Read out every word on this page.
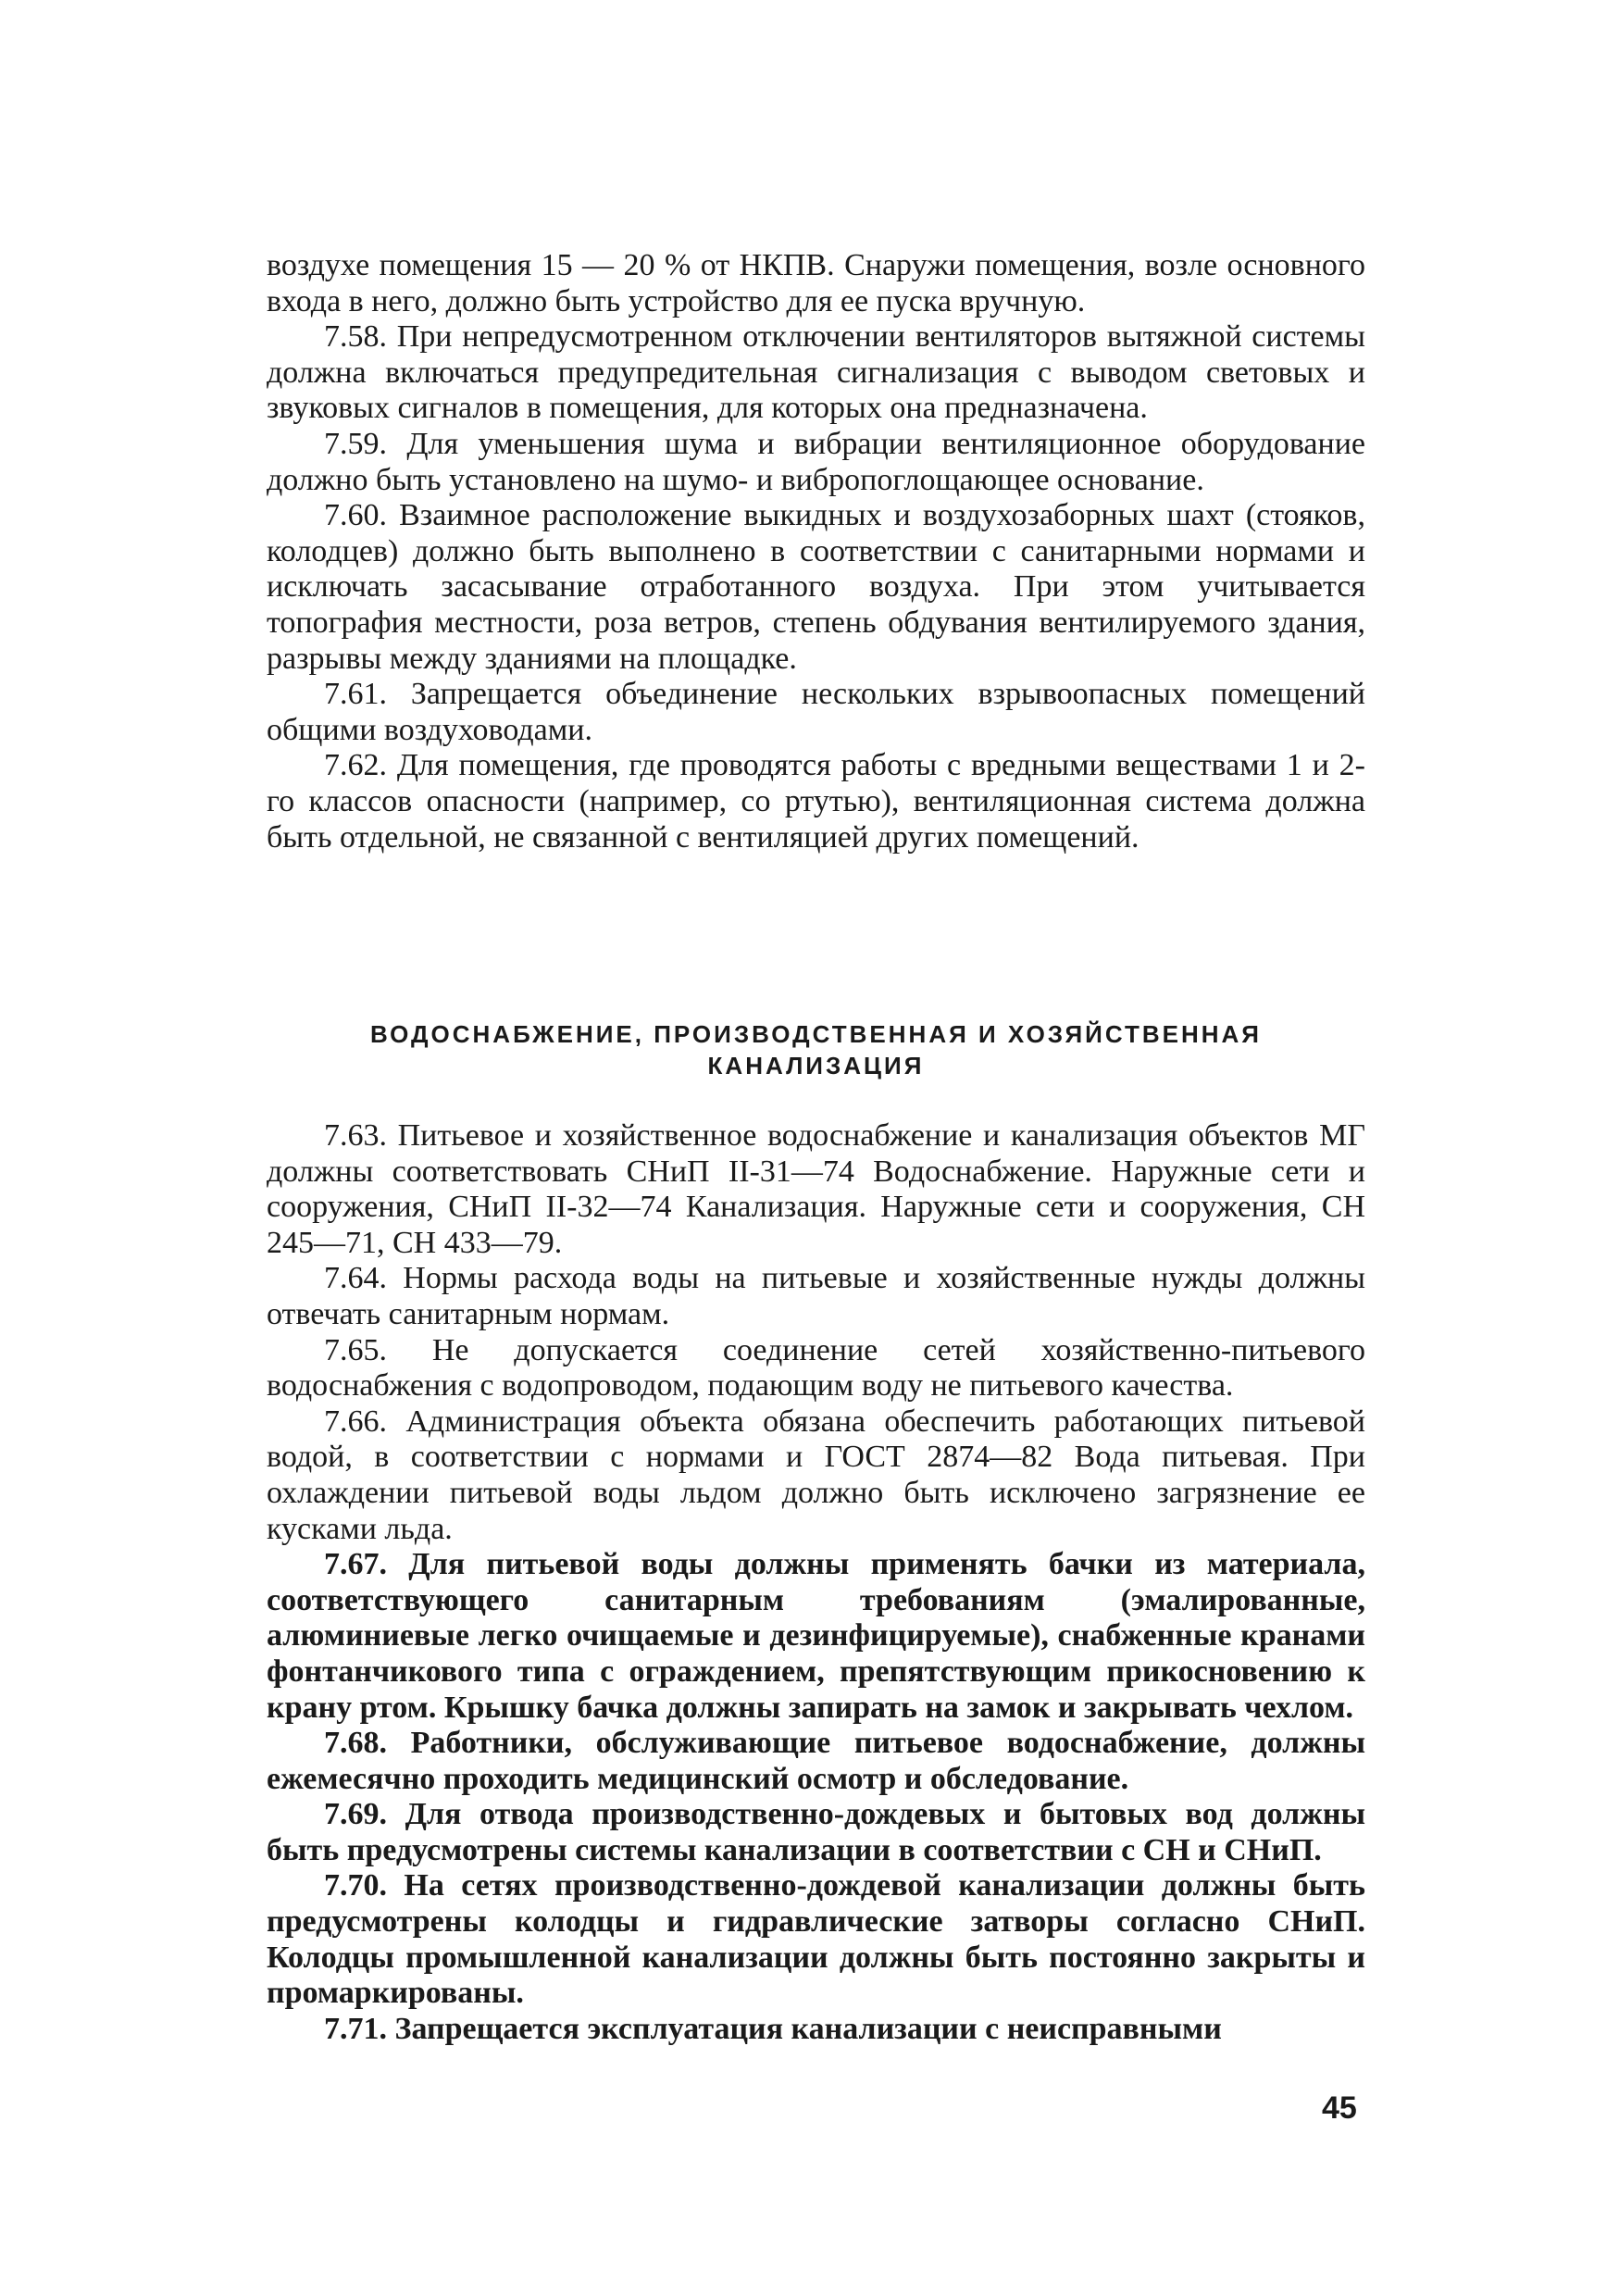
воздухе помещения 15 — 20 % от НКПВ. Снаружи помещения, возле основного входа в него, должно быть устройство для ее пуска вручную.

7.58. При непредусмотренном отключении вентиляторов вытяжной системы должна включаться предупредительная сигнализация с выводом световых и звуковых сигналов в помещения, для которых она предназначена.

7.59. Для уменьшения шума и вибрации вентиляционное оборудование должно быть установлено на шумо- и вибропоглощающее основание.

7.60. Взаимное расположение выкидных и воздухозаборных шахт (стояков, колодцев) должно быть выполнено в соответствии с санитарными нормами и исключать засасывание отработанного воздуха. При этом учитывается топография местности, роза ветров, степень обдувания вентилируемого здания, разрывы между зданиями на площадке.

7.61. Запрещается объединение нескольких взрывоопасных помещений общими воздуховодами.

7.62. Для помещения, где проводятся работы с вредными веществами 1 и 2-го классов опасности (например, со ртутью), вентиляционная система должна быть отдельной, не связанной с вентиляцией других помещений.

ВОДОСНАБЖЕНИЕ, ПРОИЗВОДСТВЕННАЯ И ХОЗЯЙСТВЕННАЯ
КАНАЛИЗАЦИЯ

7.63. Питьевое и хозяйственное водоснабжение и канализация объектов МГ должны соответствовать СНиП II-31—74 Водоснабжение. Наружные сети и сооружения, СНиП II-32—74 Канализация. Наружные сети и сооружения, СН 245—71, СН 433—79.

7.64. Нормы расхода воды на питьевые и хозяйственные нужды должны отвечать санитарным нормам.

7.65. Не допускается соединение сетей хозяйственно-питьевого водоснабжения с водопроводом, подающим воду не питьевого качества.

7.66. Администрация объекта обязана обеспечить работающих питьевой водой, в соответствии с нормами и ГОСТ 2874—82 Вода питьевая. При охлаждении питьевой воды льдом должно быть исключено загрязнение ее кусками льда.

7.67. Для питьевой воды должны применять бачки из материала, соответствующего санитарным требованиям (эмалированные, алюминиевые легко очищаемые и дезинфицируемые), снабженные кранами фонтанчикового типа с ограждением, препятствующим прикосновению к крану ртом. Крышку бачка должны запирать на замок и закрывать чехлом.

7.68. Работники, обслуживающие питьевое водоснабжение, должны ежемесячно проходить медицинский осмотр и обследование.

7.69. Для отвода производственно-дождевых и бытовых вод должны быть предусмотрены системы канализации в соответствии с СН и СНиП.

7.70. На сетях производственно-дождевой канализации должны быть предусмотрены колодцы и гидравлические затворы согласно СНиП. Колодцы промышленной канализации должны быть постоянно закрыты и промаркированы.

7.71. Запрещается эксплуатация канализации с неисправными

45
